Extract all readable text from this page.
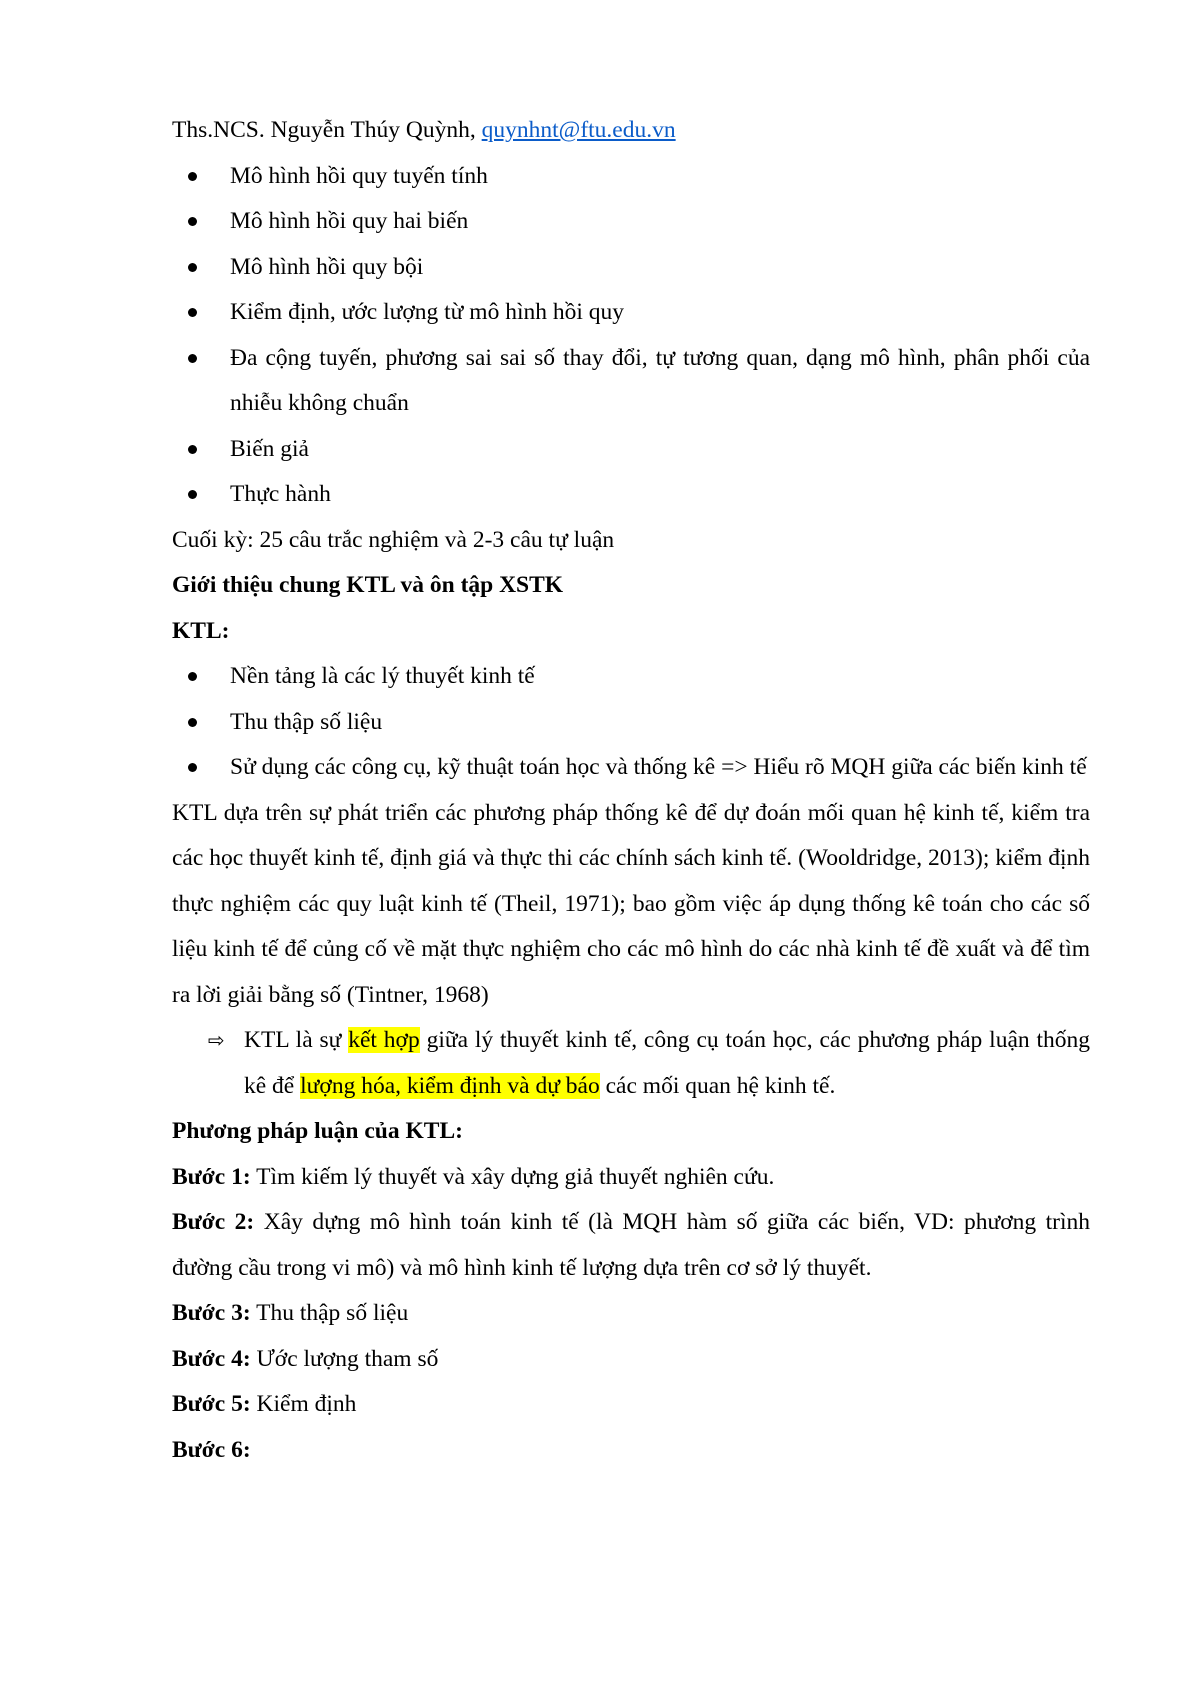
Ths.NCS. Nguyễn Thúy Quỳnh, quynhnt@ftu.edu.vn

Mô hình hồi quy tuyến tính
Mô hình hồi quy hai biến
Mô hình hồi quy bội
Kiểm định, ước lượng từ mô hình hồi quy
Đa cộng tuyến, phương sai sai số thay đổi, tự tương quan, dạng mô hình, phân phối của nhiễu không chuẩn
Biến giả
Thực hành

Cuối kỳ: 25 câu trắc nghiệm và 2-3 câu tự luận

Giới thiệu chung KTL và ôn tập XSTK

KTL:

Nền tảng là các lý thuyết kinh tế
Thu thập số liệu
Sử dụng các công cụ, kỹ thuật toán học và thống kê => Hiểu rõ MQH giữa các biến kinh tế

KTL dựa trên sự phát triển các phương pháp thống kê để dự đoán mối quan hệ kinh tế, kiểm tra các học thuyết kinh tế, định giá và thực thi các chính sách kinh tế. (Wooldridge, 2013); kiểm định thực nghiệm các quy luật kinh tế (Theil, 1971); bao gồm việc áp dụng thống kê toán cho các số liệu kinh tế để củng cố về mặt thực nghiệm cho các mô hình do các nhà kinh tế đề xuất và để tìm ra lời giải bằng số (Tintner, 1968)

⇨ KTL là sự kết hợp giữa lý thuyết kinh tế, công cụ toán học, các phương pháp luận thống kê để lượng hóa, kiểm định và dự báo các mối quan hệ kinh tế.

Phương pháp luận của KTL:

Bước 1: Tìm kiếm lý thuyết và xây dựng giả thuyết nghiên cứu.

Bước 2: Xây dựng mô hình toán kinh tế (là MQH hàm số giữa các biến, VD: phương trình đường cầu trong vi mô) và mô hình kinh tế lượng dựa trên cơ sở lý thuyết.

Bước 3: Thu thập số liệu

Bước 4: Ước lượng tham số

Bước 5: Kiểm định

Bước 6:
